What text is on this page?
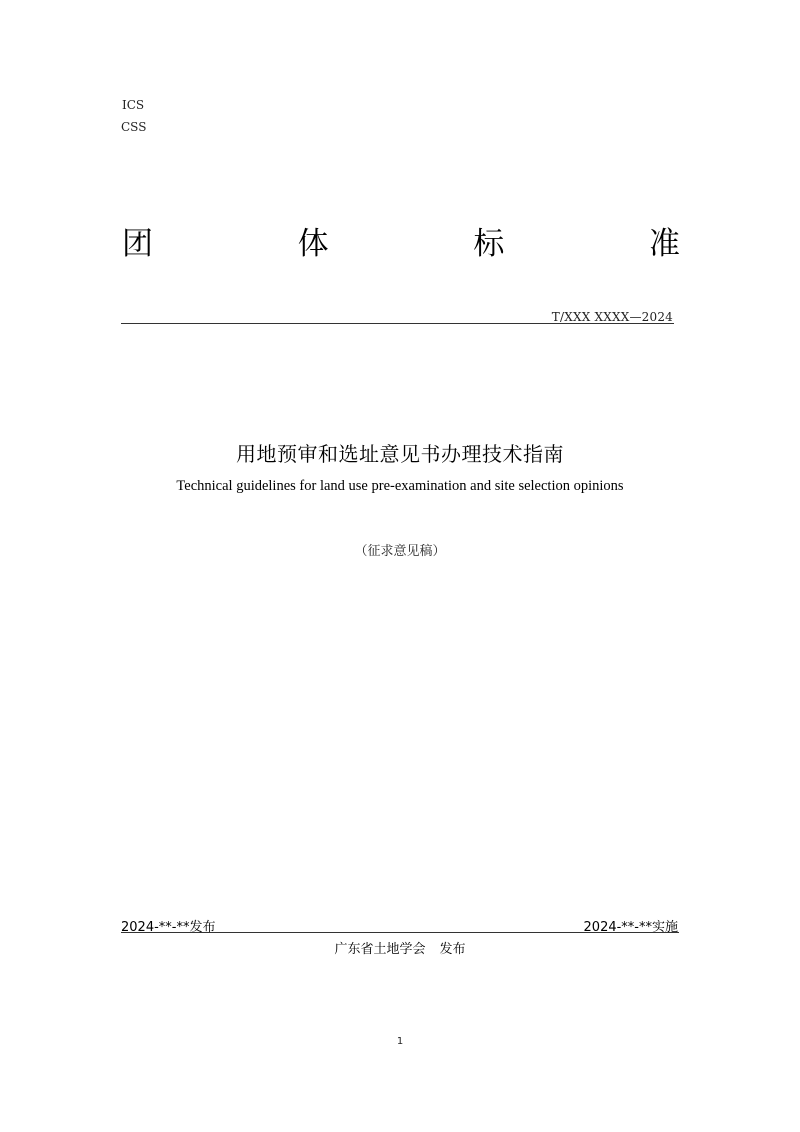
ICS
CSS
团	体	标	准
T/XXX XXXX—2024
用地预审和选址意见书办理技术指南
Technical guidelines for land use pre-examination and site selection opinions
（征求意见稿）
2024-**-**发布	2024-**-**实施
广东省土地学会 发布
1
